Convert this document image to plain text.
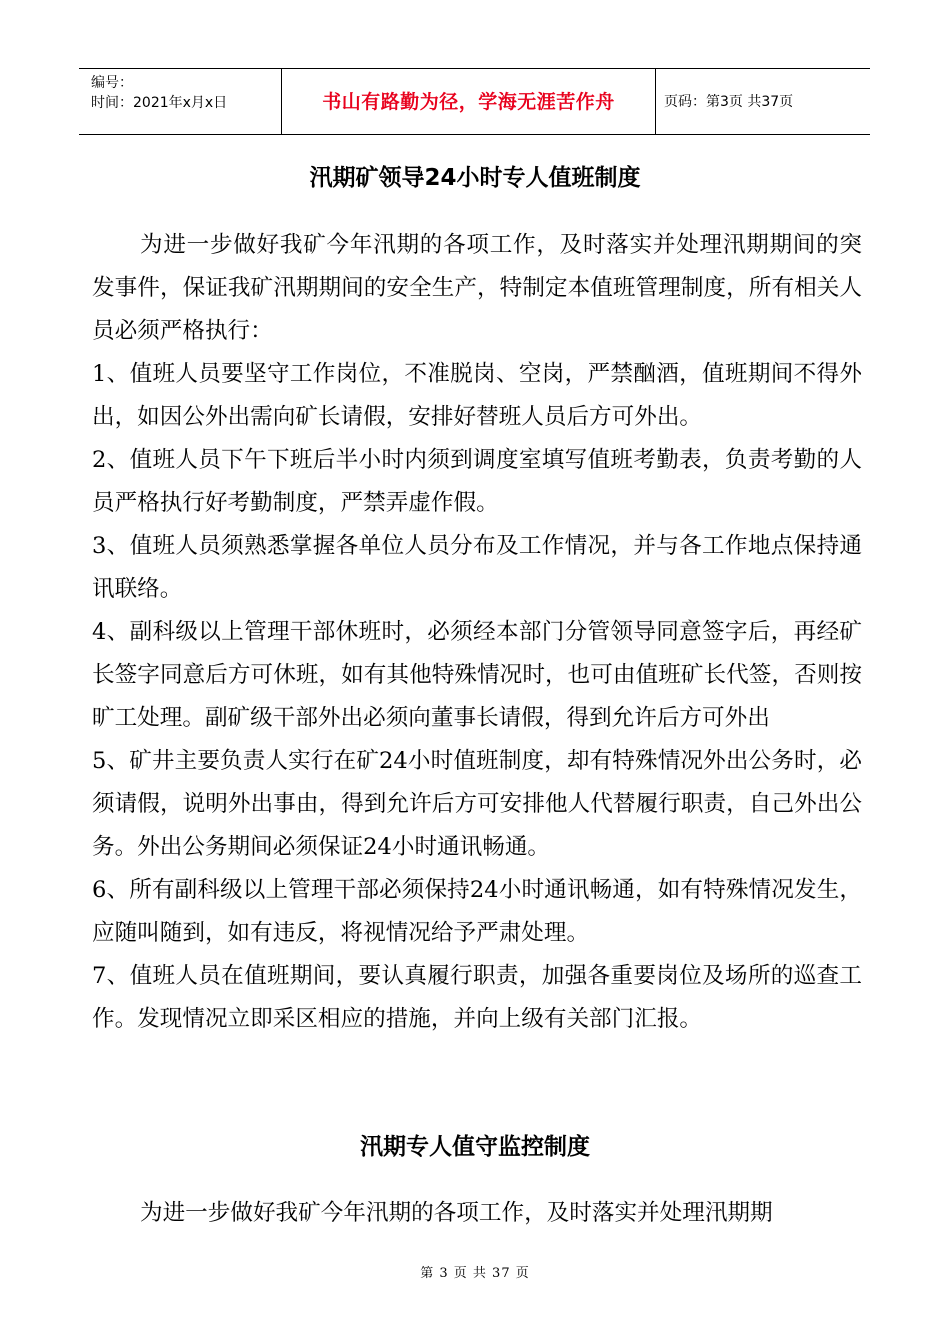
编号：
时间：2021年x月x日	书山有路勤为径，学海无涯苦作舟	页码：第3页 共37页
汛期矿领导24小时专人值班制度

为进一步做好我矿今年汛期的各项工作，及时落实并处理汛期期间的突发事件，保证我矿汛期期间的安全生产，特制定本值班管理制度，所有相关人员必须严格执行：

1、值班人员要坚守工作岗位，不准脱岗、空岗，严禁酗酒，值班期间不得外出，如因公外出需向矿长请假，安排好替班人员后方可外出。

2、值班人员下午下班后半小时内须到调度室填写值班考勤表，负责考勤的人员严格执行好考勤制度，严禁弄虚作假。

3、值班人员须熟悉掌握各单位人员分布及工作情况，并与各工作地点保持通讯联络。

4、副科级以上管理干部休班时，必须经本部门分管领导同意签字后，再经矿长签字同意后方可休班，如有其他特殊情况时，也可由值班矿长代签，否则按旷工处理。副矿级干部外出必须向董事长请假，得到允许后方可外出

5、矿井主要负责人实行在矿24小时值班制度，却有特殊情况外出公务时，必须请假，说明外出事由，得到允许后方可安排他人代替履行职责，自己外出公务。外出公务期间必须保证24小时通讯畅通。

6、所有副科级以上管理干部必须保持24小时通讯畅通，如有特殊情况发生，应随叫随到，如有违反，将视情况给予严肃处理。

7、值班人员在值班期间，要认真履行职责，加强各重要岗位及场所的巡查工作。发现情况立即采区相应的措施，并向上级有关部门汇报。

汛期专人值守监控制度

为进一步做好我矿今年汛期的各项工作，及时落实并处理汛期期

第 3 页 共 37 页
